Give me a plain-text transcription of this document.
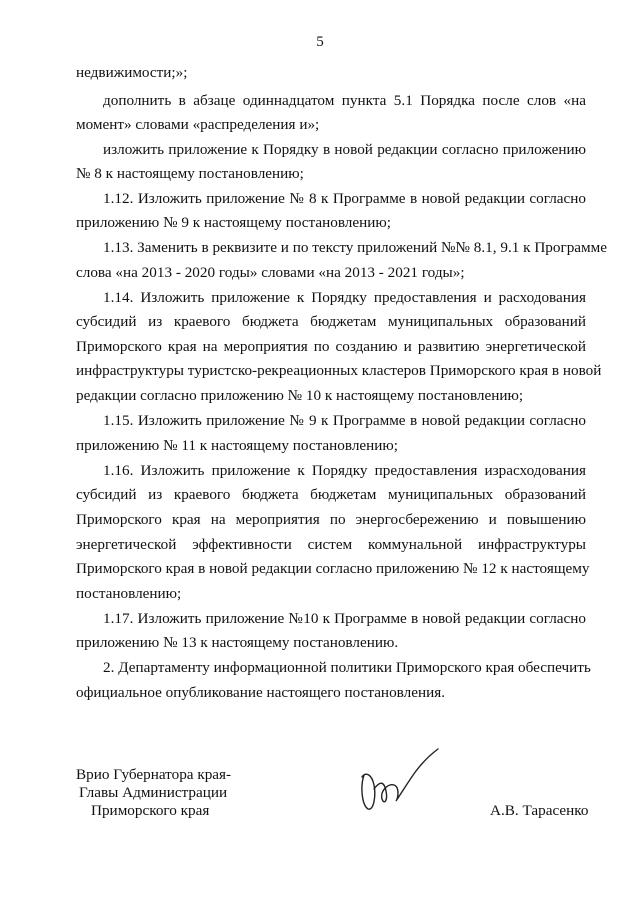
5
недвижимости;»;
дополнить в абзаце одиннадцатом пункта 5.1 Порядка после слов «на
момент» словами «распределения и»;
изложить приложение к Порядку в новой редакции согласно приложению
№ 8 к настоящему постановлению;
1.12. Изложить приложение № 8 к Программе в новой редакции согласно
приложению № 9 к настоящему постановлению;
1.13. Заменить в реквизите и по тексту приложений №№ 8.1, 9.1 к Программе
слова «на 2013 - 2020 годы» словами «на 2013 - 2021 годы»;
1.14. Изложить приложение к Порядку предоставления и расходования
субсидий из краевого бюджета бюджетам муниципальных образований
Приморского края на мероприятия по созданию и развитию энергетической
инфраструктуры туристско-рекреационных кластеров Приморского края в новой
редакции согласно приложению № 10 к настоящему постановлению;
1.15. Изложить приложение № 9 к Программе в новой редакции согласно
приложению № 11 к настоящему постановлению;
1.16. Изложить приложение к Порядку предоставления израсходования
субсидий из краевого бюджета бюджетам муниципальных образований
Приморского края на мероприятия по энергосбережению и повышению
энергетической эффективности систем коммунальной инфраструктуры
Приморского края в новой редакции согласно приложению № 12 к настоящему
постановлению;
1.17. Изложить приложение №10 к Программе в новой редакции согласно
приложению № 13 к настоящему постановлению.
2. Департаменту информационной политики Приморского края обеспечить
официальное опубликование настоящего постановления.
Врио Губернатора края-
Главы Администрации
Приморского края	А.В. Тарасенко
